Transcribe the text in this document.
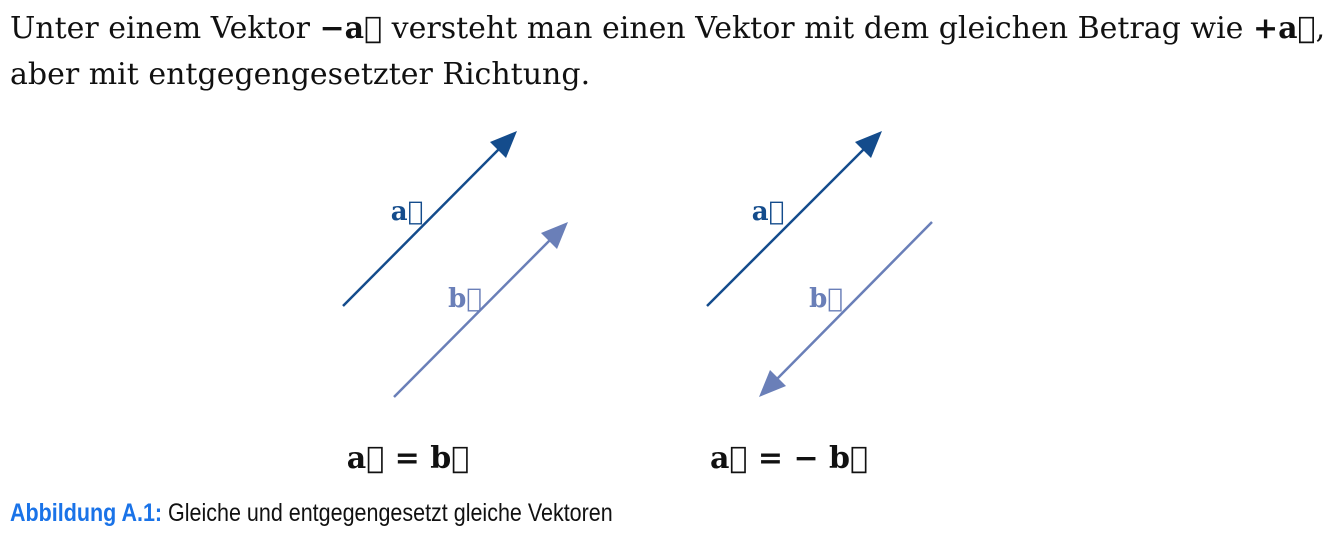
Unter einem Vektor −a⃗ versteht man einen Vektor mit dem gleichen Betrag wie +a⃗,
aber mit entgegengesetzter Richtung.

a⃗
b⃗
a⃗ = b⃗
a⃗
b⃗
a⃗ = − b⃗
Abbildung A.1: Gleiche und entgegengesetzt gleiche Vektoren
